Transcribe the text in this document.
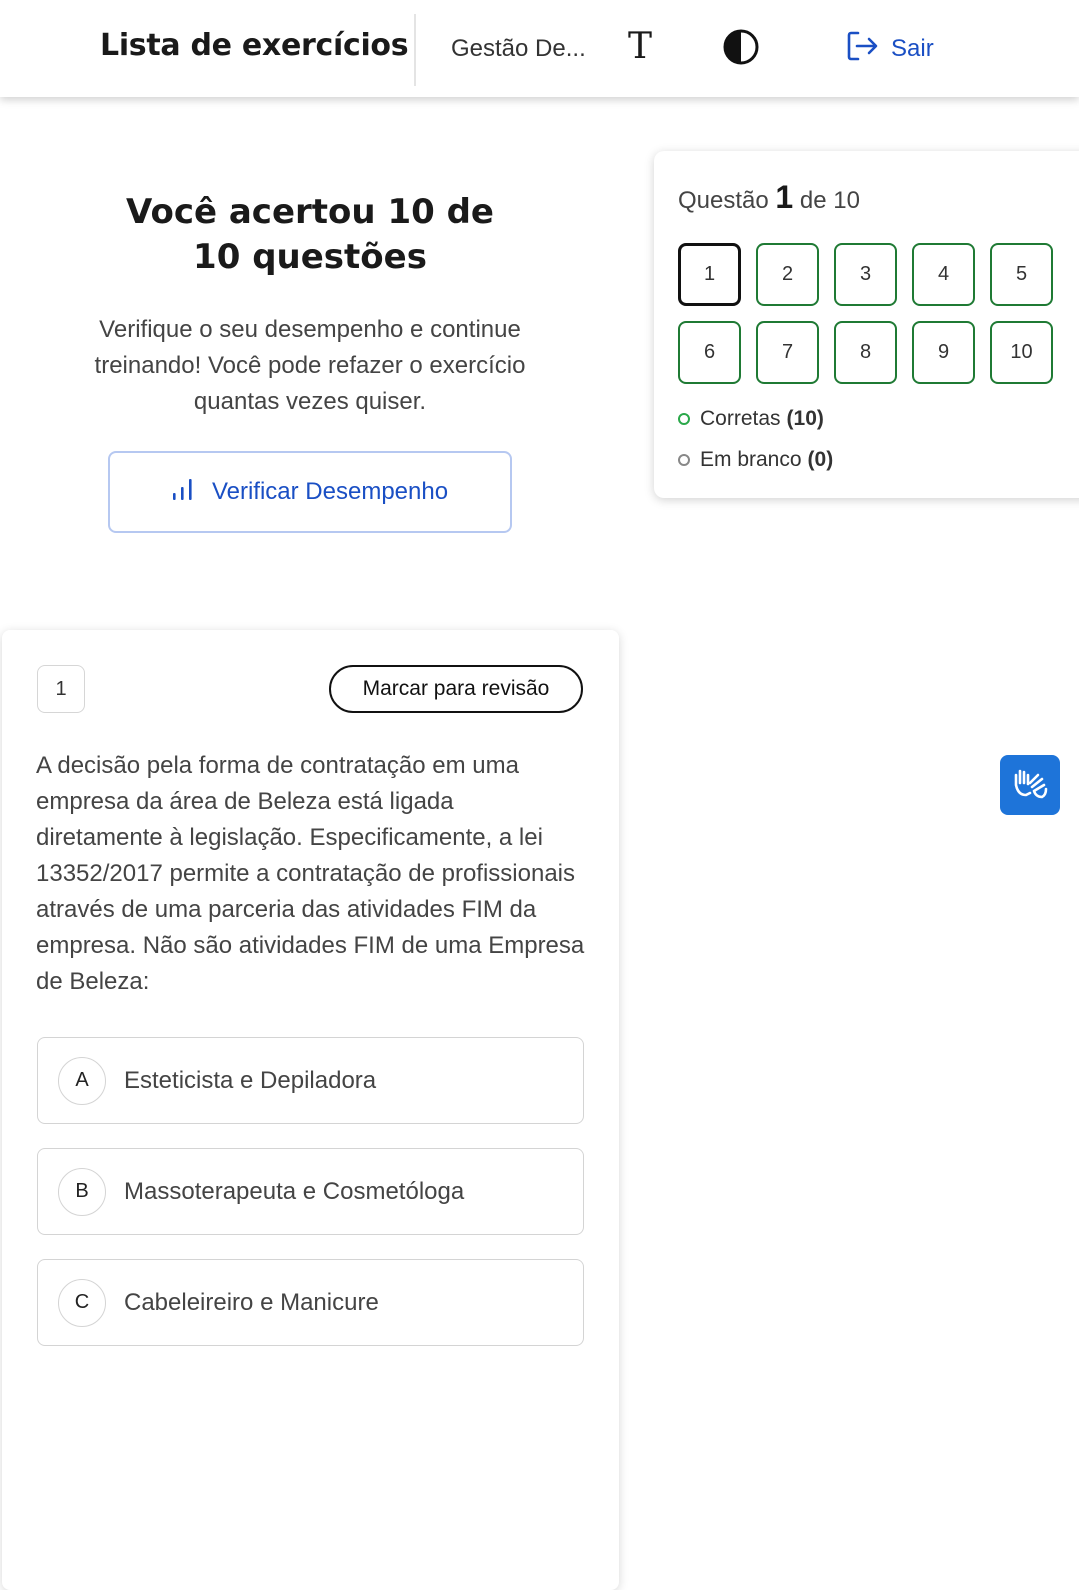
Lista de exercícios Gestão De... T	Sair
Você acertou 10 de 10 questões
Verifique o seu desempenho e continue treinando! Você pode refazer o exercício quantas vezes quiser.
Verificar Desempenho
Questão 1 de 10
1	2	3	4	5
6	7	8	9	10
Corretas (10)
Em branco (0)
1	Marcar para revisão
A decisão pela forma de contratação em uma empresa da área de Beleza está ligada diretamente à legislação. Especificamente, a lei 13352/2017 permite a contratação de profissionais através de uma parceria das atividades FIM da empresa. Não são atividades FIM de uma Empresa de Beleza:
A	Esteticista e Depiladora
B	Massoterapeuta e Cosmetóloga
C	Cabeleireiro e Manicure
